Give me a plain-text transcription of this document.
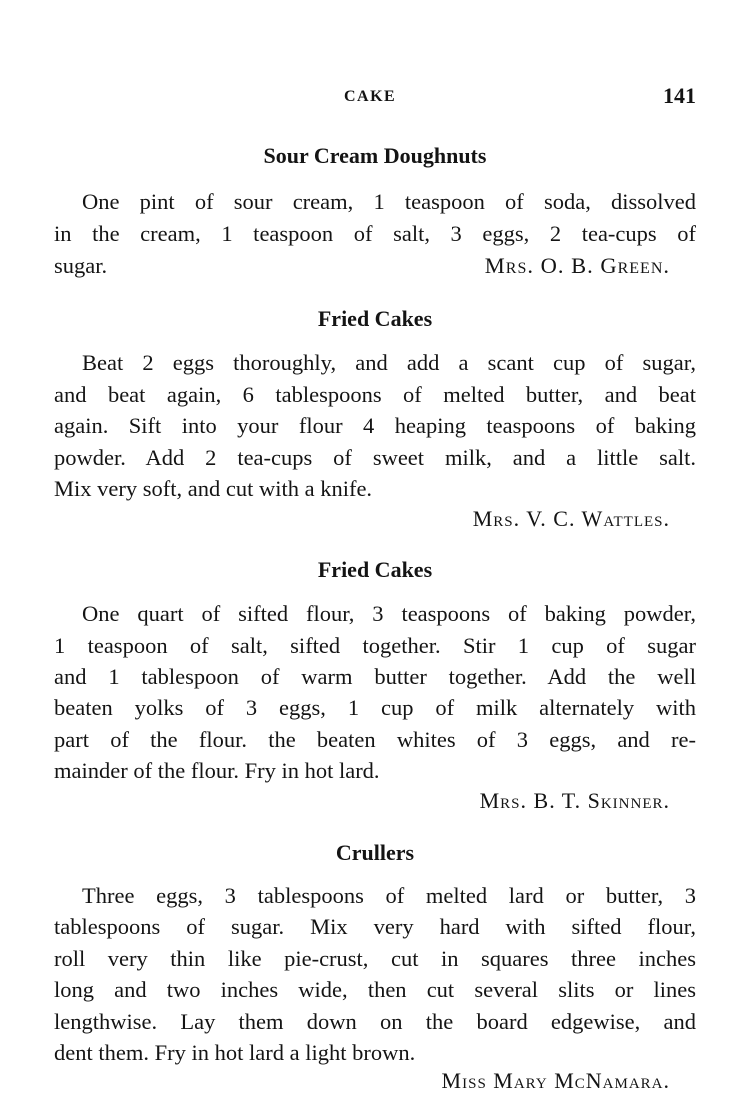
CAKE	141
Sour Cream Doughnuts
One pint of sour cream, 1 teaspoon of soda, dissolved
in the cream, 1 teaspoon of salt, 3 eggs, 2 tea-cups of
sugar.	Mrs. O. B. Green.
Fried Cakes
Beat 2 eggs thoroughly, and add a scant cup of sugar,
and beat again, 6 tablespoons of melted butter, and beat
again. Sift into your flour 4 heaping teaspoons of baking
powder. Add 2 tea-cups of sweet milk, and a little salt.
Mix very soft, and cut with a knife.
Mrs. V. C. Wattles.
Fried Cakes
One quart of sifted flour, 3 teaspoons of baking powder,
1 teaspoon of salt, sifted together. Stir 1 cup of sugar
and 1 tablespoon of warm butter together. Add the well
beaten yolks of 3 eggs, 1 cup of milk alternately with
part of the flour. the beaten whites of 3 eggs, and re-
mainder of the flour. Fry in hot lard.
Mrs. B. T. Skinner.
Crullers
Three eggs, 3 tablespoons of melted lard or butter, 3
tablespoons of sugar. Mix very hard with sifted flour,
roll very thin like pie-crust, cut in squares three inches
long and two inches wide, then cut several slits or lines
lengthwise. Lay them down on the board edgewise, and
dent them. Fry in hot lard a light brown.
Miss Mary McNamara.
